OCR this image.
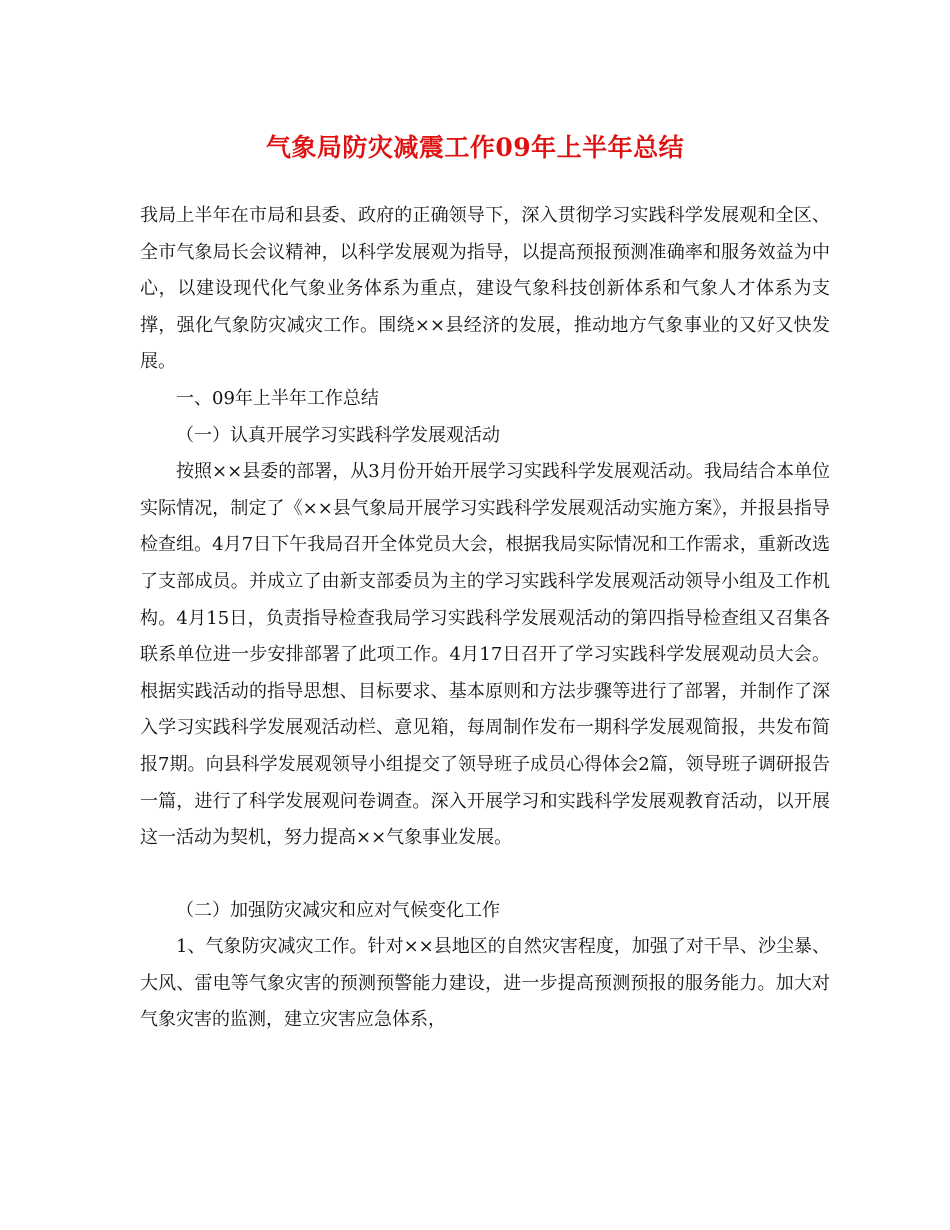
气象局防灾减震工作09年上半年总结

我局上半年在市局和县委、政府的正确领导下，深入贯彻学习实践科学发展观和全区、全市气象局长会议精神，以科学发展观为指导，以提高预报预测准确率和服务效益为中心，以建设现代化气象业务体系为重点，建设气象科技创新体系和气象人才体系为支撑，强化气象防灾减灾工作。围绕××县经济的发展，推动地方气象事业的又好又快发展。

一、09年上半年工作总结

（一）认真开展学习实践科学发展观活动

按照××县委的部署，从3月份开始开展学习实践科学发展观活动。我局结合本单位实际情况，制定了《××县气象局开展学习实践科学发展观活动实施方案》，并报县指导检查组。4月7日下午我局召开全体党员大会，根据我局实际情况和工作需求，重新改选了支部成员。并成立了由新支部委员为主的学习实践科学发展观活动领导小组及工作机构。4月15日，负责指导检查我局学习实践科学发展观活动的第四指导检查组又召集各联系单位进一步安排部署了此项工作。4月17日召开了学习实践科学发展观动员大会。根据实践活动的指导思想、目标要求、基本原则和方法步骤等进行了部署，并制作了深入学习实践科学发展观活动栏、意见箱，每周制作发布一期科学发展观简报，共发布简报7期。向县科学发展观领导小组提交了领导班子成员心得体会2篇，领导班子调研报告一篇，进行了科学发展观问卷调查。深入开展学习和实践科学发展观教育活动，以开展这一活动为契机，努力提高××气象事业发展。

（二）加强防灾减灾和应对气候变化工作

1、气象防灾减灾工作。针对××县地区的自然灾害程度，加强了对干旱、沙尘暴、大风、雷电等气象灾害的预测预警能力建设，进一步提高预测预报的服务能力。加大对气象灾害的监测，建立灾害应急体系，
